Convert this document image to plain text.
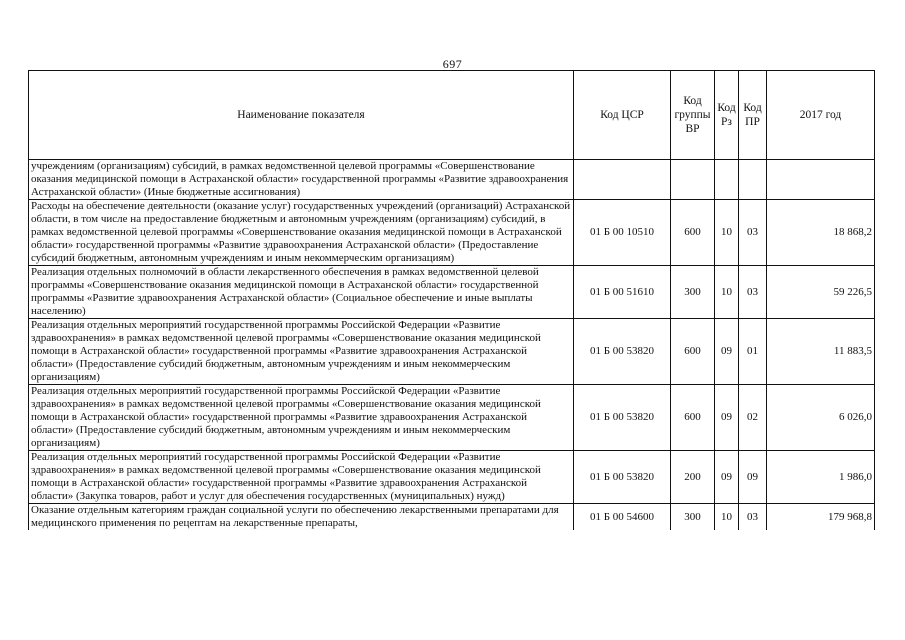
697
Наименование показателя	Код ЦСР	Код группы ВР	Код Рз	Код ПР	2017 год
учреждениям (организациям) субсидий, в рамках ведомственной целевой программы «Совершенствование оказания медицинской помощи в Астраханской области» государственной программы «Развитие здравоохранения Астраханской области» (Иные бюджетные ассигнования)					
Расходы на обеспечение деятельности (оказание услуг) государственных учреждений (организаций) Астраханской области, в том числе на предоставление бюджетным и автономным учреждениям (организациям) субсидий, в рамках ведомственной целевой программы «Совершенствование оказания медицинской помощи в Астраханской области» государственной программы «Развитие здравоохранения Астраханской области» (Предоставление субсидий бюджетным, автономным учреждениям и иным некоммерческим организациям)	01 Б 00 10510	600	10	03	18 868,2
Реализация отдельных полномочий в области лекарственного обеспечения в рамках ведомственной целевой программы «Совершенствование оказания медицинской помощи в Астраханской области» государственной программы «Развитие здравоохранения Астраханской области» (Социальное обеспечение и иные выплаты населению)	01 Б 00 51610	300	10	03	59 226,5
Реализация отдельных мероприятий государственной программы Российской Федерации «Развитие здравоохранения» в рамках ведомственной целевой программы «Совершенствование оказания медицинской помощи в Астраханской области» государственной программы «Развитие здравоохранения Астраханской области» (Предоставление субсидий бюджетным, автономным учреждениям и иным некоммерческим организациям)	01 Б 00 53820	600	09	01	11 883,5
Реализация отдельных мероприятий государственной программы Российской Федерации «Развитие здравоохранения» в рамках ведомственной целевой программы «Совершенствование оказания медицинской помощи в Астраханской области» государственной программы «Развитие здравоохранения Астраханской области» (Предоставление субсидий бюджетным, автономным учреждениям и иным некоммерческим организациям)	01 Б 00 53820	600	09	02	6 026,0
Реализация отдельных мероприятий государственной программы Российской Федерации «Развитие здравоохранения» в рамках ведомственной целевой программы «Совершенствование оказания медицинской помощи в Астраханской области» государственной программы «Развитие здравоохранения Астраханской области» (Закупка товаров, работ и услуг для обеспечения государственных (муниципальных) нужд)	01 Б 00 53820	200	09	09	1 986,0
Оказание отдельным категориям граждан социальной услуги по обеспечению лекарственными препаратами для медицинского применения по рецептам на лекарственные препараты,	01 Б 00 54600	300	10	03	179 968,8
